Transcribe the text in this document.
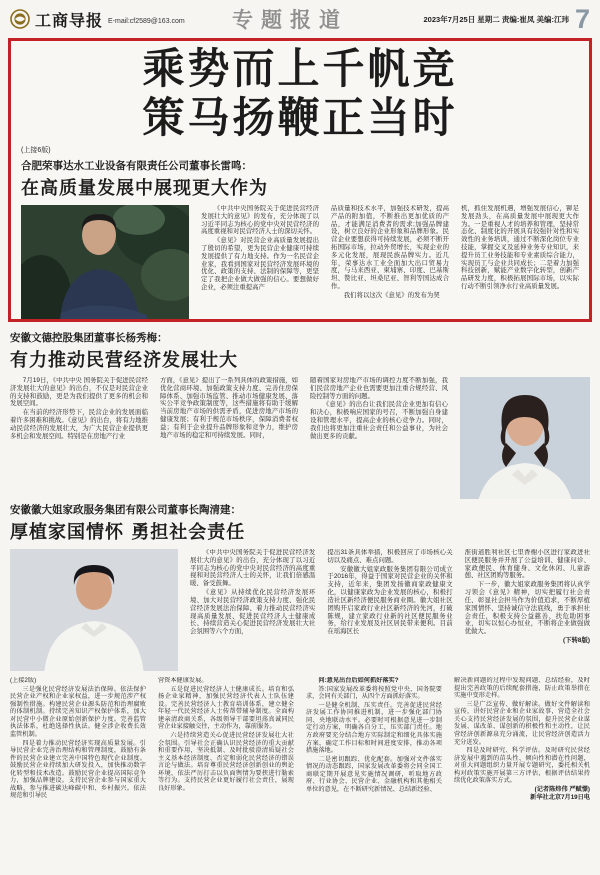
工商导报 E-mail:cf2589@163.com	专题报道	2023年7月25日 星期二 责编:崔凤 美编:江玮 7
乘势而上千帆竞
策马扬鞭正当时
(上接6版)
合肥荣事达水工业设备有限责任公司董事长雷鸣：
在高质量发展中展现更大作为

《中共中央国务院关于促进民营经济发展壮大的意见》的发布，充分体现了以习近平同志为核心的党中央对民营经济的高度重视和对民营经济人士的深切关怀。

《意见》对民营企业高质量发展提出了殷切的希望，更为民营企业健康可持续发展提供了有力地支持。作为一名民营企业家，我看到国家对民营经济发展环境的优化、政策的支持、法制的保障等，更坚定了我把企业做大做强的信心。要想做好企业，必须注重提高产

品质量和技术水平，加强技术研发，提高产品的附加值，不断推出更加优质的产品，才能满足消费者的需求;加强品牌建设，树立良好的企业形象和品牌形象。民营企业要想获得可持续发展，必须不断开拓国际市场，拉动外贸增长，实现企业的多元化发展，展现民族品牌实力。近几年，荣事达水工业全面加大出口贸易力度，与马来西亚、柬埔寨、印度、巴基斯坦、赞比亚、坦桑尼亚、智利等国达成合作。

我们将以这次《意见》的发布为契

机，抓住发展机遇，增强发展信心，铆足发展劲头，在高质量发展中展现更大作为。一是重视人才的培养和管理，坚持常态化、制度化的开展具有较强针对性和实效性的业务培训，通过不断深化岗位专业技能，掌握交叉及延伸业务专业知识，来提升员工业务技能和专业素质综合能力，实现员工与企业共同成长；二是着力加强科技创新，赋能产业数字化转型，创新产品研发力度，积极拓展国际市场，以实际行动不断引领净水行业高质量发展。

安徽文德控股集团董事长杨秀梅：
有力推动民营经济发展壮大

7月19日，《中共中央 国务院关于促进民营经济发展壮大的意见》的出台，不仅是对民营企业的支持和鼓励，更是为我们提供了更多的机会和发展空间。

在当前的经济形势下，民营企业的发展面临着许多困难和挑战。《意见》的出台，将有力地推动民营经济的发展壮大，为广大民营企业提供更多机会和发展空间。特别是在房地产行业

方面，《意见》提出了一系列具体的政策措施，如优化营商环境、加强政策支持力度、完善住房保障体系、加强市场监管、推动市场健康发展、落实公平竞争政策制度等，这些措施将有助于缓解当前房地产市场的供需矛盾，促进房地产市场的健康发展；有利于规范市场秩序，保障消费者权益；有利于企业提升品牌形象和竞争力，维护房地产市场的稳定和可持续发展。同时，

随着国家对房地产市场的调控力度不断加强，我们民营房地产企业也需要更加注重合规经营、风险控制等方面的问题。

《意见》的出台让我们民营企业更加有信心和决心，积极响应国家的号召，不断加强自身建设和管理水平，提高企业的核心竞争力。同时，我们也将更加注重社会责任和公益事业，为社会做出更多的贡献。

安徽徽大姐家政服务集团有限公司董事长陶清建：
厚植家国情怀 勇担社会责任

《中共中央国务院关于促进民营经济发展壮大的意见》的出台，充分体现了以习近平同志为核心的党中央对民营经济的高度重视和对民营经济人士的关怀，让我们倍感温暖、备受鼓舞。

《意见》从持续优化民营经济发展环境、加大对民营经济政策支持力度、强化民营经济发展法治保障、着力推动民营经济实现高质量发展、促进民营经济人士健康成长、持续营造关心促进民营经济发展壮大社会氛围等六个方面，

提出31条具体举措，积极回应了市场核心关切以及痛点、难点问题。

安徽徽大姐家政服务集团有限公司成立于2016年，得益于国家对民营企业的关怀和支持，近年来，集团发扬徽商家政健康文化，以健康家政为企业发展的核心，积极打造社区新经济便民服务商业圈。徽大姐社区团购开启家政行业社区新经济的先河，打破陈规，建立家政行业新的社区便民服务业务，给行业发展及社区居民带来便利。目前在瑶海区长

淮街道胜利社区七里香榭小区进行家政进社区便民服务并开展了公益培训、健康问诊、家政便民、体育健身、文化休闲、儿童游憩、社区团购等服务。

下一步，徽大姐家政服务集团将认真学习领会《意见》精神，切实把履行社会责任、彰显社会担当作为价值追求，不断厚植家国情怀、坚持诚信守法底线，勇于承担社会责任，积极支持公益慈善、扶危助困事业，切实以恒心办恒业，不断将企业做强做优做大。

(下转8版)

(上接2版)

三是强化民营经济发展法治保障。依法保护民营企业产权和企业家权益，进一步规范涉产权强制性措施。构建民营企业源头防范和治理腐败的体制机制。持续完善知识产权保护体系，加大对民营中小微企业原始创新保护力度。完善监管执法体系，杜绝选择性执法。健全涉企收费长效监管机制。

四是着力推动民营经济实现高质量发展。引导民营企业完善治理结构和管理制度，鼓励有条件的民营企业建立完善中国特色现代企业制度。鼓励民营企业持续加大研发投入，加快推动数字化转型和技术改造。鼓励民营企业提高国际竞争力，加强品牌建设。支持民营企业参与国家重大战略，参与推进碳达峰碳中和、乡村振兴。依法规范和引导民

营资本健康发展。

五是促进民营经济人士健康成长。培育和弘扬企业家精神，加强民营经济代表人士队伍建设。完善民营经济人士教育培训体系，建立健全年轻一代民营经济人士传帮带辅导制度。全面构建亲清政商关系，各级领导干部要坦荡真诚同民营企业家接触交往，主动作为，靠前服务。

六是持续营造关心促进民营经济发展壮大社会氛围。引导社会正确认识民营经济的重大贡献和重要作用，坚决抵制、及时批驳澄清质疑社会主义基本经济制度、否定和弱化民营经济的错误言论与做法。培育尊重民营经济创新创业的舆论环境，依法严厉打击以负面舆情为要挟进行勒索等行为。支持民营企业更好履行社会责任，展现良好形象。

问:意见出台后如何抓好落实?

答:国家发展改革委将按照党中央、国务院要求，会同有关部门，从四个方面抓好落实。

一是健全机制、压实责任。完善促进民营经济发展工作协同推进机制，进一步强化部门协同、央地联动水平。必要时可根据意见进一步制定行动方案，明确各自分工，压实部门责任。地方政府要充分结合地方实际制定和细化具体实施方案，确定工作目标和时间进度安排，推动各项措施落地。

二是密切跟踪、优化配套。加强对文件落实情况的动态跟踪，国家发展改革委将会同全国工商联定期开展意见实施情况调研，听取地方政府、行业协会、民营企业、金融机构和其他相关单位的意见，在不断研究新情况、总结新经验、

解决新问题的过程中发现问题、总结经验，及时提出完善政策的后续配套措施，防止政策举措在实施中变形走样。

三是广泛宣传、做好解读。做好文件解读和宣传，讲好民营企业和企业家故事，营造全社会关心支持民营经济发展的氛围，提升民营企业谋发展、谋改革、谋创新的积极性和主动性，让民营经济创新源泉充分涌流，让民营经济创造活力充分迸发。

四是及时研究、科学评估。及时研究民营经济发展中遇到的苗头性、倾向性和潜在性问题，对重大问题组织力量开展专题研究，委托相关机构对政策实施开展第三方评估，根据评估结果持续优化政策落实方式。

(记者陈炜伟 严赋憬)

新华社北京7月19日电
